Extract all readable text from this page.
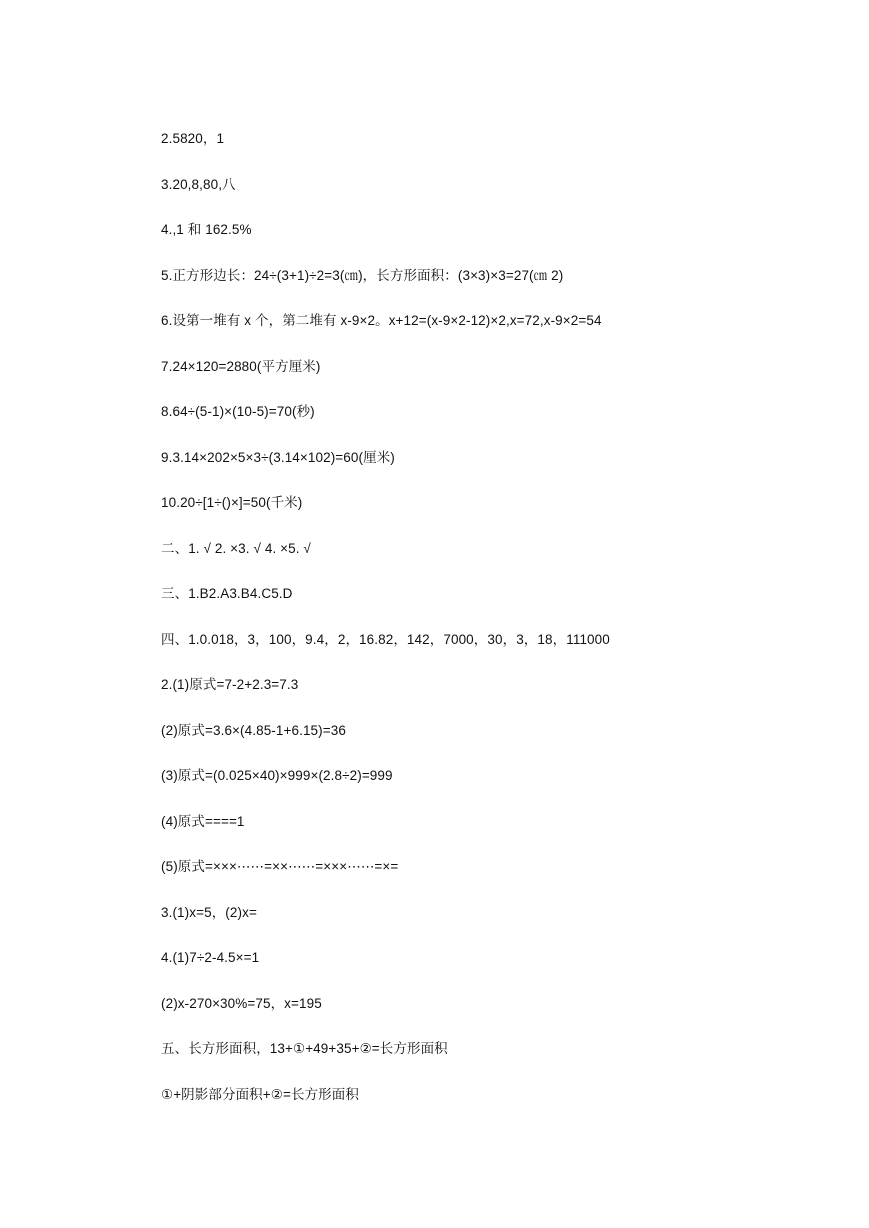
2.5820，1
3.20,8,80,八
4.,1 和 162.5%
5.正方形边长：24÷(3+1)÷2=3(㎝)，长方形面积：(3×3)×3=27(㎝ 2)
6.设第一堆有 x 个，第二堆有 x-9×2。x+12=(x-9×2-12)×2,x=72,x-9×2=54
7.24×120=2880(平方厘米)
8.64÷(5-1)×(10-5)=70(秒)
9.3.14×202×5×3÷(3.14×102)=60(厘米)
10.20÷[1÷()×]=50(千米)
二、1. √ 2. ×3. √ 4. ×5. √
三、1.B2.A3.B4.C5.D
四、1.0.018，3，100，9.4，2，16.82，142，7000，30，3，18，111000
2.(1)原式=7-2+2.3=7.3
(2)原式=3.6×(4.85-1+6.15)=36
(3)原式=(0.025×40)×999×(2.8÷2)=999
(4)原式====1
(5)原式=×××⋯⋯=××⋯⋯=×××⋯⋯=×=
3.(1)x=5，(2)x=
4.(1)7÷2-4.5×=1
(2)x-270×30%=75，x=195
五、长方形面积，13+①+49+35+②=长方形面积
①+阴影部分面积+②=长方形面积
